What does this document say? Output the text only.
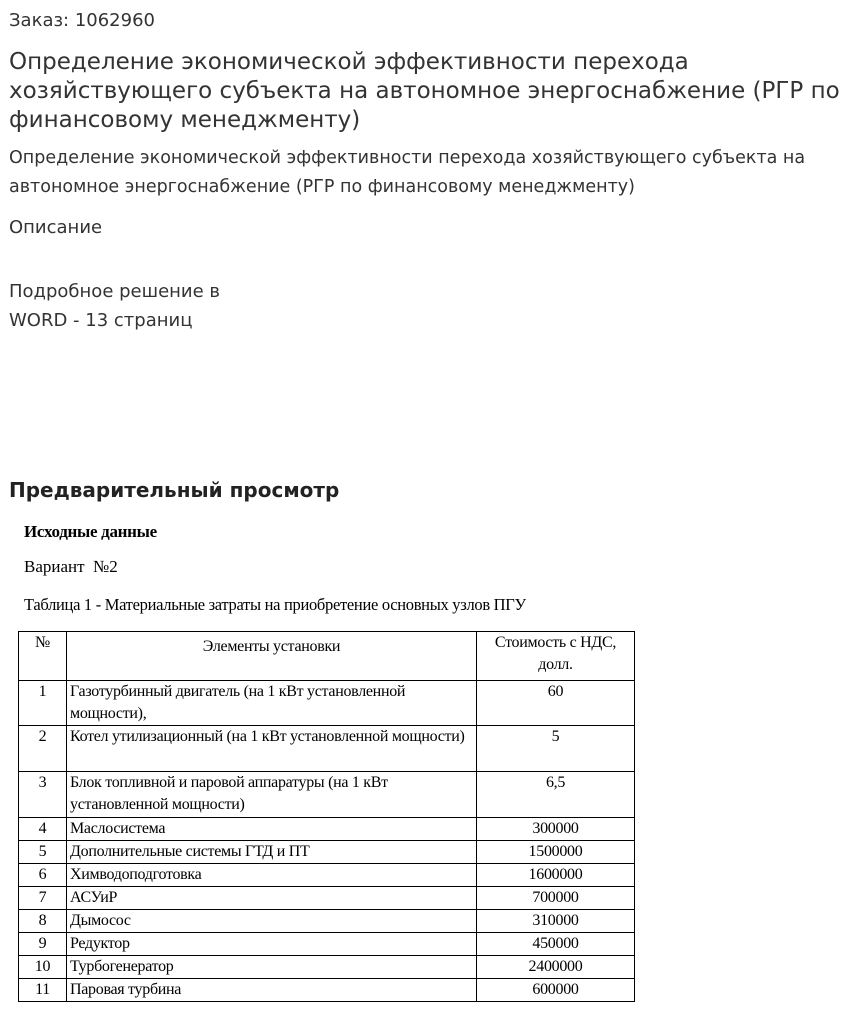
Заказ: 1062960
Определение экономической эффективности перехода хозяйствующего субъекта на автономное энергоснабжение (РГР по финансовому менеджменту)
Определение экономической эффективности перехода хозяйствующего субъекта на автономное энергоснабжение (РГР по финансовому менеджменту)
Описание
Подробное решение в WORD - 13 страниц
Предварительный просмотр
Исходные данные
Вариант  №2
Таблица 1 - Материальные затраты на приобретение основных узлов ПГУ
№	Элементы установки	Стоимость с НДС, долл.
1	Газотурбинный двигатель (на 1 кВт установленной мощности),	60
2	Котел утилизационный (на 1 кВт установленной мощности)	5
3	Блок топливной и паровой аппаратуры (на 1 кВт установленной мощности)	6,5
4	Маслосистема	300000
5	Дополнительные системы ГТД и ПТ	1500000
6	Химводоподготовка	1600000
7	АСУиР	700000
8	Дымосос	310000
9	Редуктор	450000
10	Турбогенератор	2400000
11	Паровая турбина	600000
